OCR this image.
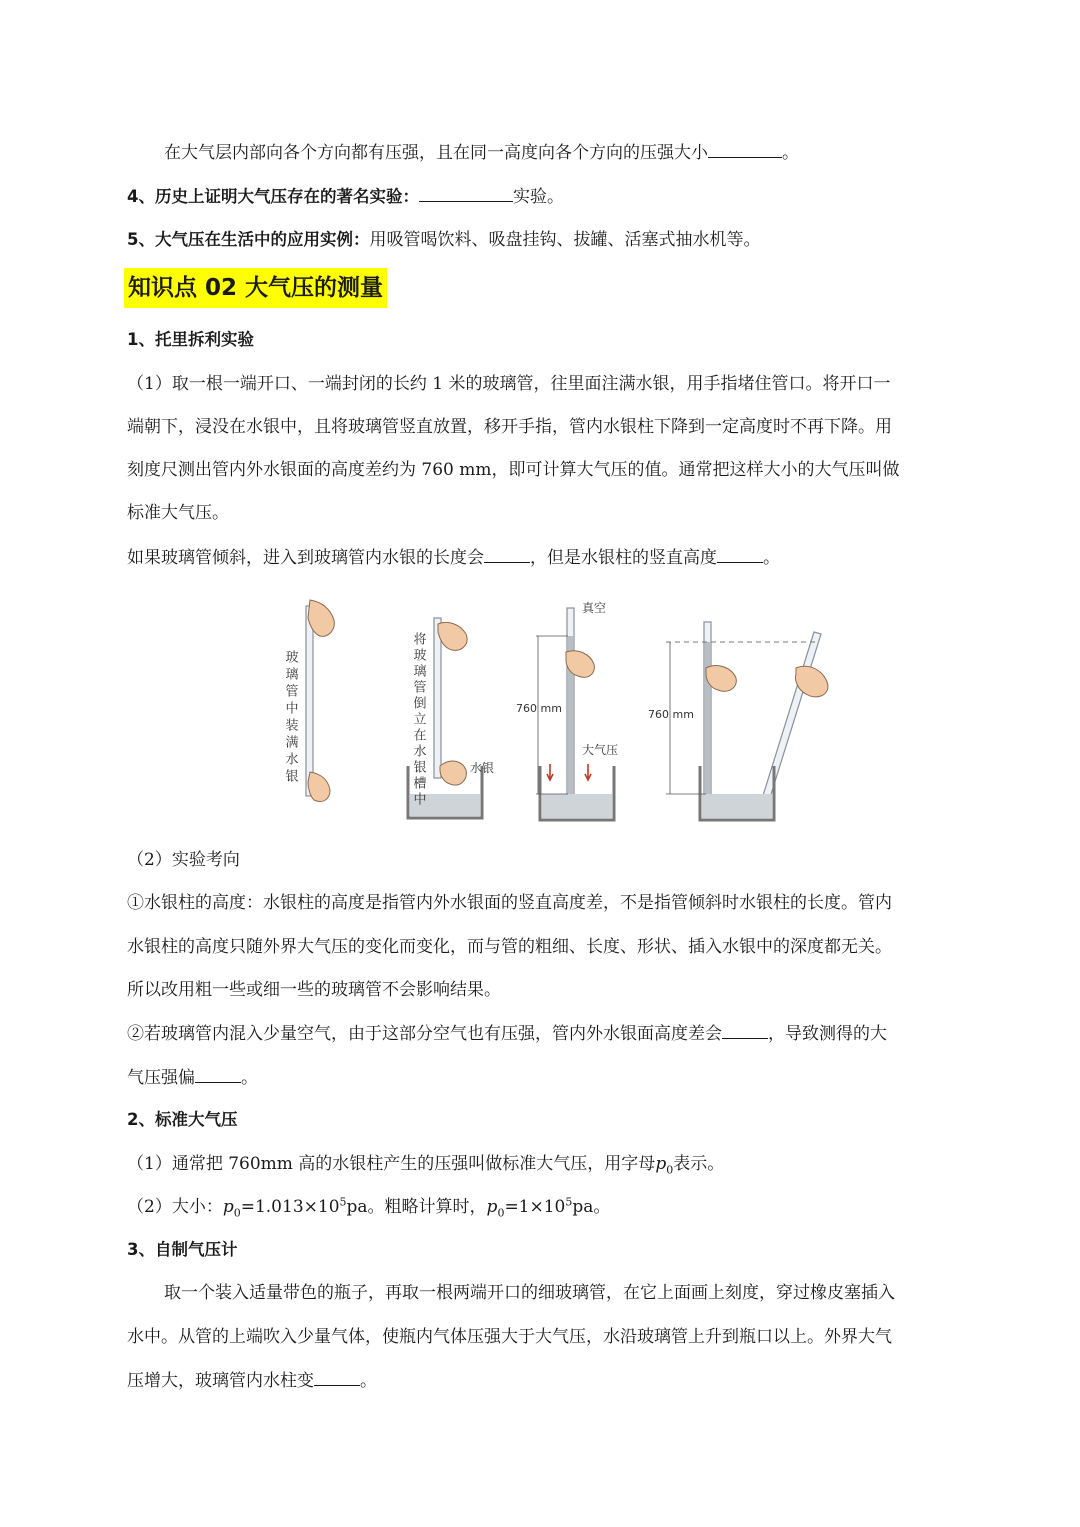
在大气层内部向各个方向都有压强，且在同一高度向各个方向的压强大小	。
4、历史上证明大气压存在的著名实验：	实验。
5、大气压在生活中的应用实例：用吸管喝饮料、吸盘挂钩、拔罐、活塞式抽水机等。
知识点 02 大气压的测量
1、托里拆利实验
（1）取一根一端开口、一端封闭的长约 1 米的玻璃管，往里面注满水银，用手指堵住管口。将开口一
端朝下，浸没在水银中，且将玻璃管竖直放置，移开手指，管内水银柱下降到一定高度时不再下降。用
刻度尺测出管内外水银面的高度差约为 760 mm，即可计算大气压的值。通常把这样大小的大气压叫做
标准大气压。
如果玻璃管倾斜，进入到玻璃管内水银的长度会	，但是水银柱的竖直高度	。
玻璃管中装满水银	将玻璃管倒立在水银槽中	水银
真空
760 mm
大气压
760 mm
（2）实验考向
①水银柱的高度：水银柱的高度是指管内外水银面的竖直高度差，不是指管倾斜时水银柱的长度。管内
水银柱的高度只随外界大气压的变化而变化，而与管的粗细、长度、形状、插入水银中的深度都无关。
所以改用粗一些或细一些的玻璃管不会影响结果。
②若玻璃管内混入少量空气，由于这部分空气也有压强，管内外水银面高度差会	，导致测得的大
气压强偏	。
2、标准大气压
（1）通常把 760mm 高的水银柱产生的压强叫做标准大气压，用字母$p_0$表示。
（2）大小：$p_0=1.013\times 10^5pa$。粗略计算时，$p_0=1\times 10^5pa$。
3、自制气压计
取一个装入适量带色的瓶子，再取一根两端开口的细玻璃管，在它上面画上刻度，穿过橡皮塞插入
水中。从管的上端吹入少量气体，使瓶内气体压强大于大气压，水沿玻璃管上升到瓶口以上。外界大气
压增大，玻璃管内水柱变	。
